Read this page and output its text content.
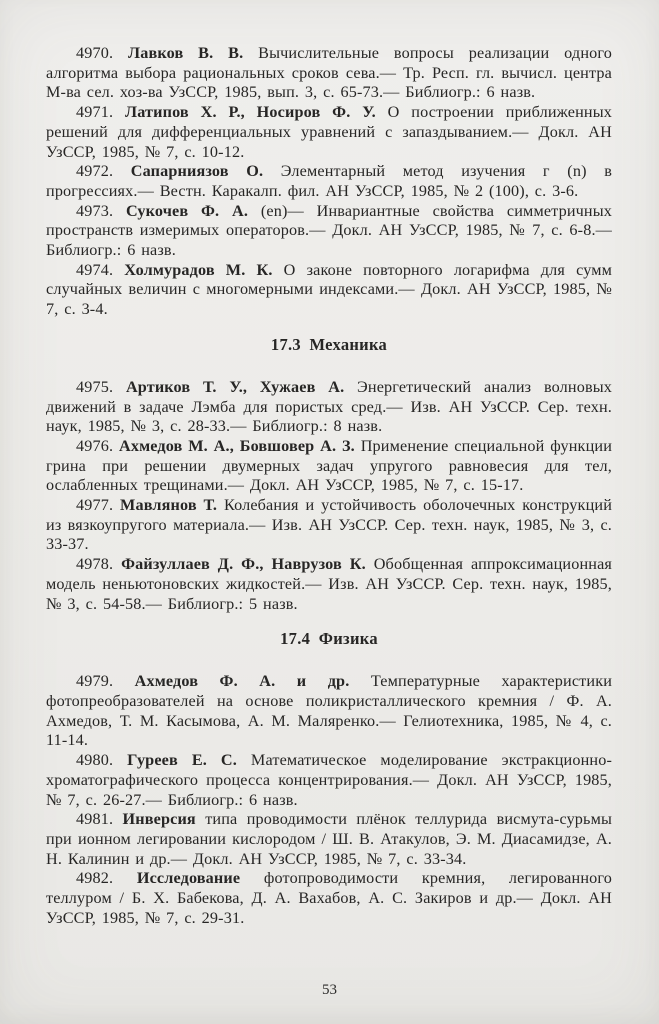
4970. Лавков В. В. Вычислительные вопросы реализации одного алгоритма выбора рациональных сроков сева.— Тр. Респ. гл. вычисл. центра М-ва сел. хоз-ва УзССР, 1985, вып. 3, с. 65-73.— Библиогр.: 6 назв.

4971. Латипов Х. Р., Носиров Ф. У. О построении приближенных решений для дифференциальных уравнений с запаздыванием.— Докл. АН УзССР, 1985, № 7, с. 10-12.

4972. Сапарниязов О. Элементарный метод изучения г (n) в прогрессиях.— Вестн. Каракалп. фил. АН УзССР, 1985, № 2 (100), с. 3-6.

4973. Сукочев Ф. А. (en)— Инвариантные свойства симметричных пространств измеримых операторов.— Докл. АН УзССР, 1985, № 7, с. 6-8.— Библиогр.: 6 назв.

4974. Холмурадов М. К. О законе повторного логарифма для сумм случайных величин с многомерными индексами.— Докл. АН УзССР, 1985, № 7, с. 3-4.

17.3 Механика

4975. Артиков Т. У., Хужаев А. Энергетический анализ волновых движений в задаче Лэмба для пористых сред.— Изв. АН УзССР. Сер. техн. наук, 1985, № 3, с. 28-33.— Библиогр.: 8 назв.

4976. Ахмедов М. А., Бовшовер А. З. Применение специальной функции грина при решении двумерных задач упругого равновесия для тел, ослабленных трещинами.— Докл. АН УзССР, 1985, № 7, с. 15-17.

4977. Мавлянов Т. Колебания и устойчивость оболочечных конструкций из вязкоупругого материала.— Изв. АН УзССР. Сер. техн. наук, 1985, № 3, с. 33-37.

4978. Файзуллаев Д. Ф., Наврузов К. Обобщенная аппроксимационная модель неньютоновских жидкостей.— Изв. АН УзССР. Сер. техн. наук, 1985, № 3, с. 54-58.— Библиогр.: 5 назв.

17.4 Физика

4979. Ахмедов Ф. А. и др. Температурные характеристики фотопреобразователей на основе поликристаллического кремния / Ф. А. Ахмедов, Т. М. Касымова, А. М. Маляренко.— Гелиотехника, 1985, № 4, с. 11-14.

4980. Гуреев Е. С. Математическое моделирование экстракционно-хроматографического процесса концентрирования.— Докл. АН УзССР, 1985, № 7, с. 26-27.— Библиогр.: 6 назв.

4981. Инверсия типа проводимости плёнок теллурида висмута-сурьмы при ионном легировании кислородом / Ш. В. Атакулов, Э. М. Диасамидзе, А. Н. Калинин и др.— Докл. АН УзССР, 1985, № 7, с. 33-34.

4982. Исследование фотопроводимости кремния, легированного теллуром / Б. Х. Бабекова, Д. А. Вахабов, А. С. Закиров и др.— Докл. АН УзССР, 1985, № 7, с. 29-31.

53
